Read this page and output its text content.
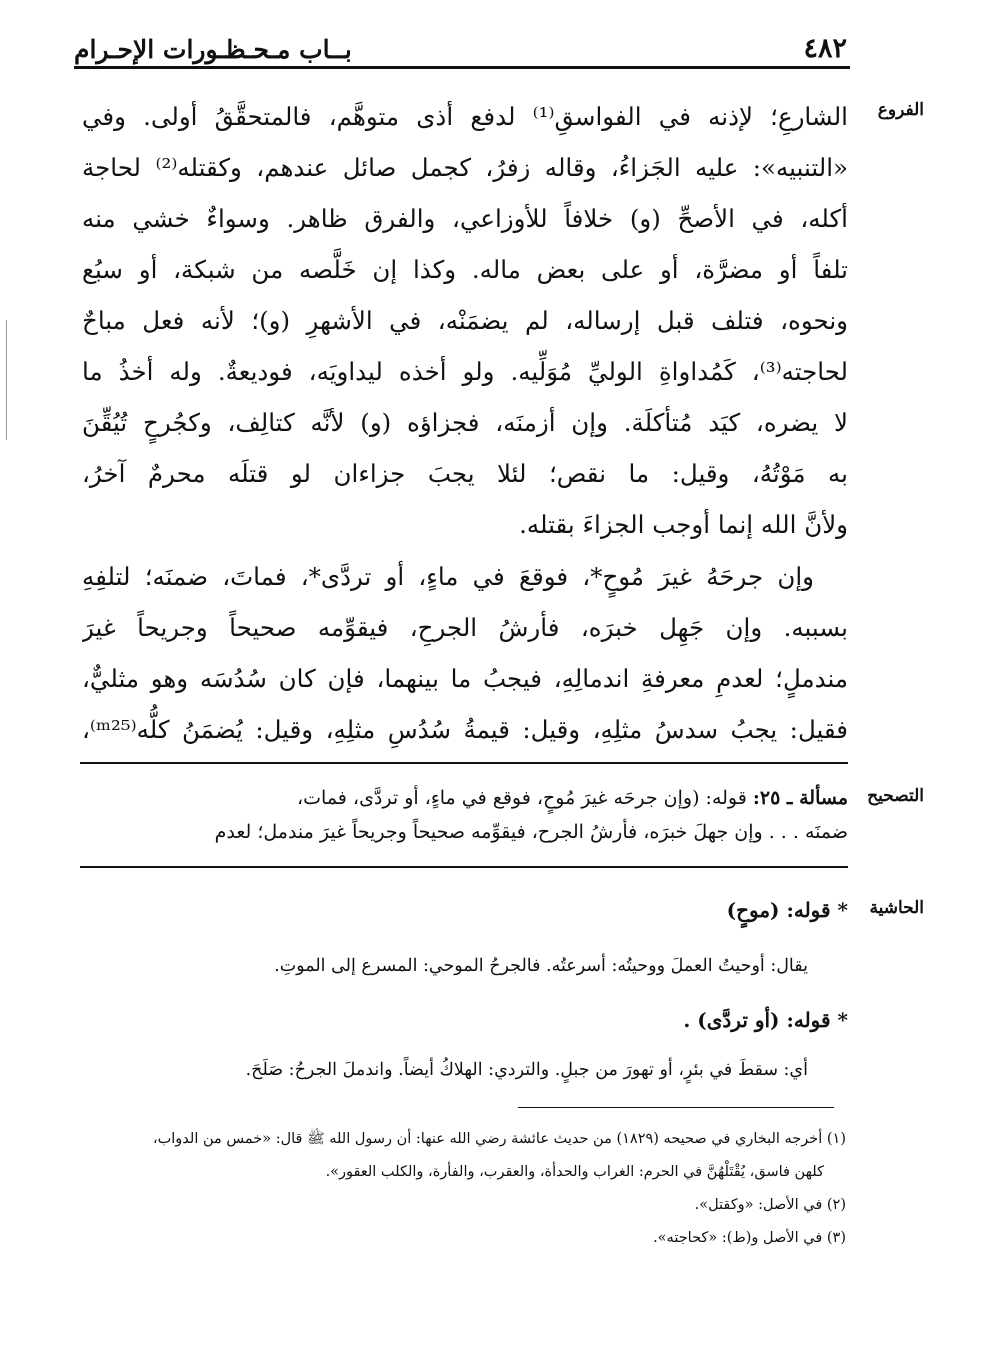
٤٨٢
بــاب مـحـظـورات الإحـرام
الفروع
التصحيح
الحاشية

الشارعِ؛ لإذنه في الفواسقِ⁽¹⁾ لدفع أذى متوهَّم، فالمتحقَّقُ أولى. وفي

«التنبيه»: عليه الجَزاءُ، وقاله زفرُ، كجمل صائل عندهم، وكقتله⁽²⁾ لحاجة

أكله، في الأصحِّ (و) خلافاً للأوزاعي، والفرق ظاهر. وسواءٌ خشي منه

تلفاً أو مضرَّة، أو على بعض ماله. وكذا إن خَلَّصه من شبكة، أو سبُع

ونحوه، فتلف قبل إرساله، لم يضمَنْه، في الأشهرِ (و)؛ لأنه فعل مباحٌ

لحاجته⁽³⁾، كَمُداواةِ الوليِّ مُوَلِّيه. ولو أخذه ليداويَه، فوديعةٌ. وله أخذُ ما

لا يضره، كيَد مُتأكلَة. وإن أزمنَه، فجزاؤه (و) لأنَّه كتالِف، وكجُرحٍ تُيُقِّنَ

به مَوْتُهُ، وقيل: ما نقص؛ لئلا يجبَ جزاءان لو قتلَه محرمٌ آخرُ،

ولأنَّ الله إنما أوجب الجزاءَ بقتله.

وإن جرحَهُ غيرَ مُوحٍ*، فوقعَ في ماءٍ، أو تردَّى*، فماتَ، ضمنَه؛ لتلفِهِ

بسببه. وإن جَهِل خبرَه، فأرشُ الجرحِ، فيقوِّمه صحيحاً وجريحاً غيرَ

مندملٍ؛ لعدمِ معرفةِ اندمالِهِ، فيجبُ ما بينهما، فإن كان سُدُسَه وهو مثليٌّ،

فقيل: يجبُ سدسُ مثلِهِ، وقيل: قيمةُ سُدُسِ مثلِهِ، وقيل: يُضمَنُ كلُّه⁽ᵐ²⁵⁾،

مسألة ـ ٢٥: قوله: (وإن جرحَه غيرَ مُوحٍ، فوقع في ماءٍ، أو تردَّى، فمات،

ضمنَه . . . وإن جهلَ خبرَه، فأرشُ الجرح، فيقوِّمه صحيحاً وجريحاً غيرَ مندمل؛ لعدم

* قوله: (موحٍ)
يقال: أوحيتُ العملَ ووحيتُه: أسرعتُه. فالجرحُ الموحي: المسرع إلى الموتِ.
* قوله: (أو تردَّى) .
أي: سقطَ في بئرٍ، أو تهورَ من جبلٍ. والتردي: الهلاكُ أيضاً. واندملَ الجرحُ: صَلَحَ.

(١) أخرجه البخاري في صحيحه (١٨٢٩) من حديث عائشة رضي الله عنها: أن رسول الله ﷺ قال: «خمس من الدواب،

كلهن فاسق، يُقْتَلْهُنَّ في الحرم: الغراب والحدأة، والعقرب، والفأرة، والكلب العقور».

(٢) في الأصل: «وكقتل».

(٣) في الأصل و(ط): «كحاجته».
